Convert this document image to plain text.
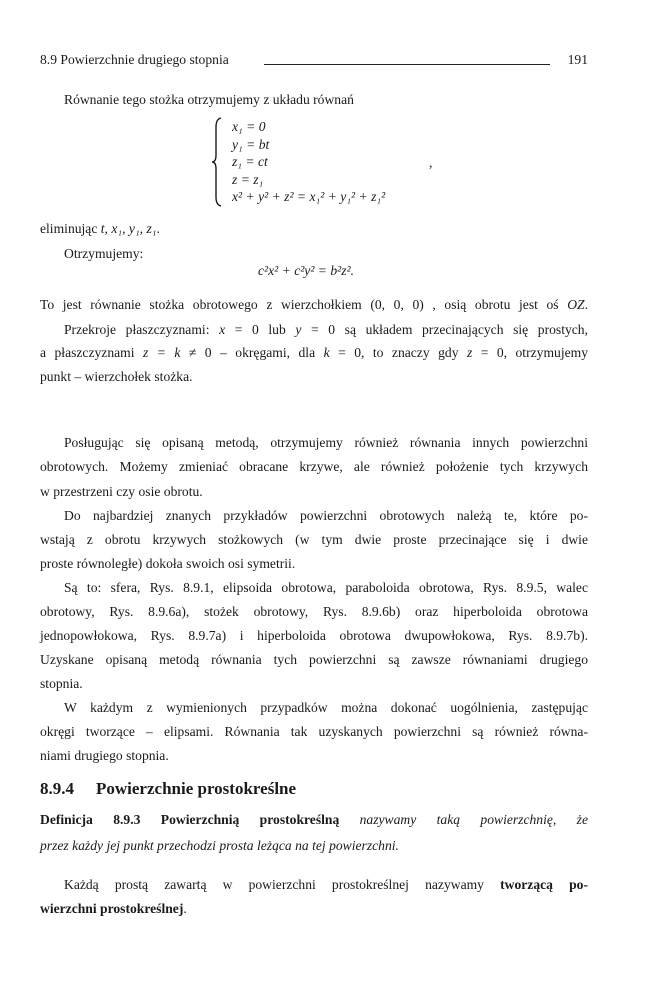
8.9 Powierzchnie drugiego stopnia	191
Równanie tego stożka otrzymujemy z układu równań
eliminując t, x₁, y₁, z₁.
Otrzymujemy:
To jest równanie stożka obrotowego z wierzchołkiem (0, 0, 0) , osią obrotu jest oś OZ.
Przekroje płaszczyznami: x = 0 lub y = 0 są układem przecinających się prostych,
a płaszczyznami z = k ≠ 0 – okręgami, dla k = 0, to znaczy gdy z = 0, otrzymujemy
punkt – wierzchołek stożka.
Posługując się opisaną metodą, otrzymujemy również równania innych powierzchni
obrotowych. Możemy zmieniać obracane krzywe, ale również położenie tych krzywych
w przestrzeni czy osie obrotu.
Do najbardziej znanych przykładów powierzchni obrotowych należą te, które po-
wstają z obrotu krzywych stożkowych (w tym dwie proste przecinające się i dwie
proste równoległe) dokoła swoich osi symetrii.
Są to: sfera, Rys. 8.9.1, elipsoida obrotowa, paraboloida obrotowa, Rys. 8.9.5, walec
obrotowy, Rys. 8.9.6a), stożek obrotowy, Rys. 8.9.6b) oraz hiperboloida obrotowa
jednopowłokowa, Rys. 8.9.7a) i hiperboloida obrotowa dwupowłokowa, Rys. 8.9.7b).
Uzyskane opisaną metodą równania tych powierzchni są zawsze równaniami drugiego
stopnia.
W każdym z wymienionych przypadków można dokonać uogólnienia, zastępując
okręgi tworzące – elipsami. Równania tak uzyskanych powierzchni są również równa-
niami drugiego stopnia.
Definicja 8.9.3 Powierzchnią prostokreślną nazywamy taką powierzchnię, że
przez każdy jej punkt przechodzi prosta leżąca na tej powierzchni.
Każdą prostą zawartą w powierzchni prostokreślnej nazywamy tworzącą po-
wierzchni prostokreślnej.
x₁ = 0
y₁ = bt
z₁ = ct
z = z₁
x² + y² + z² = x₁² + y₁² + z₁²
,
c²x² + c²y² = b²z².
8.9.4 Powierzchnie prostokreślne
